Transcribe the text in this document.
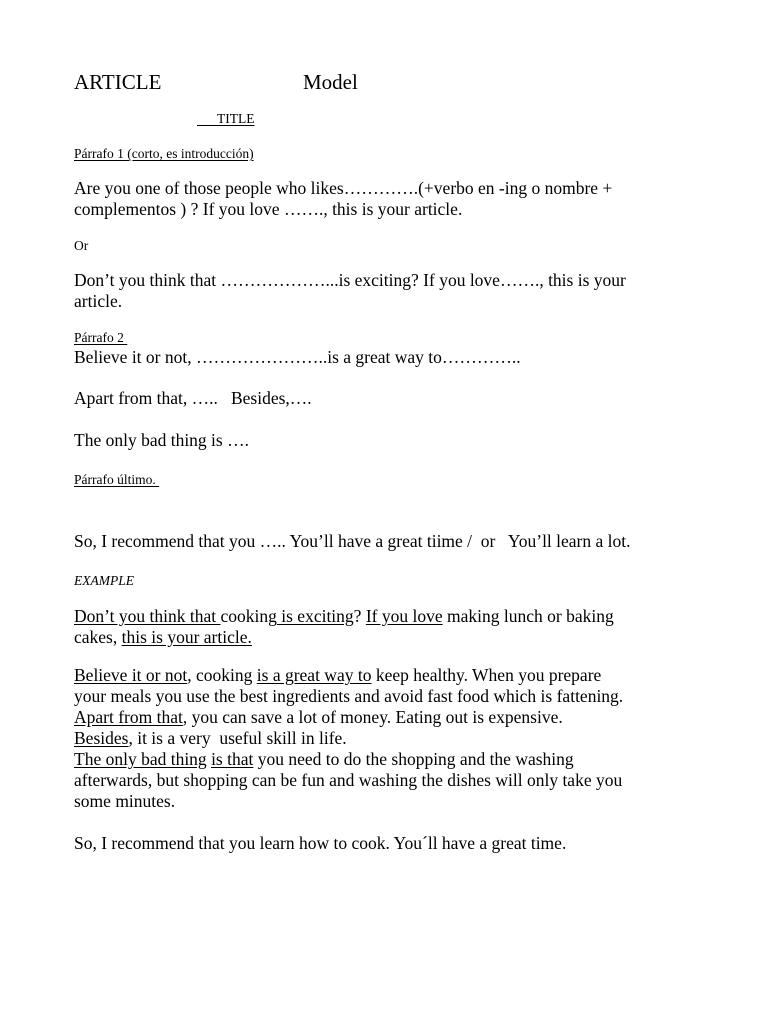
ARTICLE	Model
TITLE
Párrafo 1 (corto, es introducción)
Are you one of those people who likes………….(+verbo en -ing o nombre +
complementos ) ? If you love ……., this is your article.
Or
Don’t you think that ………………...is exciting? If you love……., this is your
article.
Párrafo 2
Believe it or not, …………………..is a great way to…………..
Apart from that, …..   Besides,….
The only bad thing is ….
Párrafo último.
So, I recommend that you ….. You’ll have a great tiime /  or   You’ll learn a lot.
EXAMPLE
Don’t you think that cooking is exciting? If you love making lunch or baking
cakes, this is your article.
Believe it or not, cooking is a great way to keep healthy. When you prepare
your meals you use the best ingredients and avoid fast food which is fattening.
Apart from that, you can save a lot of money. Eating out is expensive.
Besides, it is a very  useful skill in life.
The only bad thing is that you need to do the shopping and the washing
afterwards, but shopping can be fun and washing the dishes will only take you
some minutes.
So, I recommend that you learn how to cook. You´ll have a great time.
